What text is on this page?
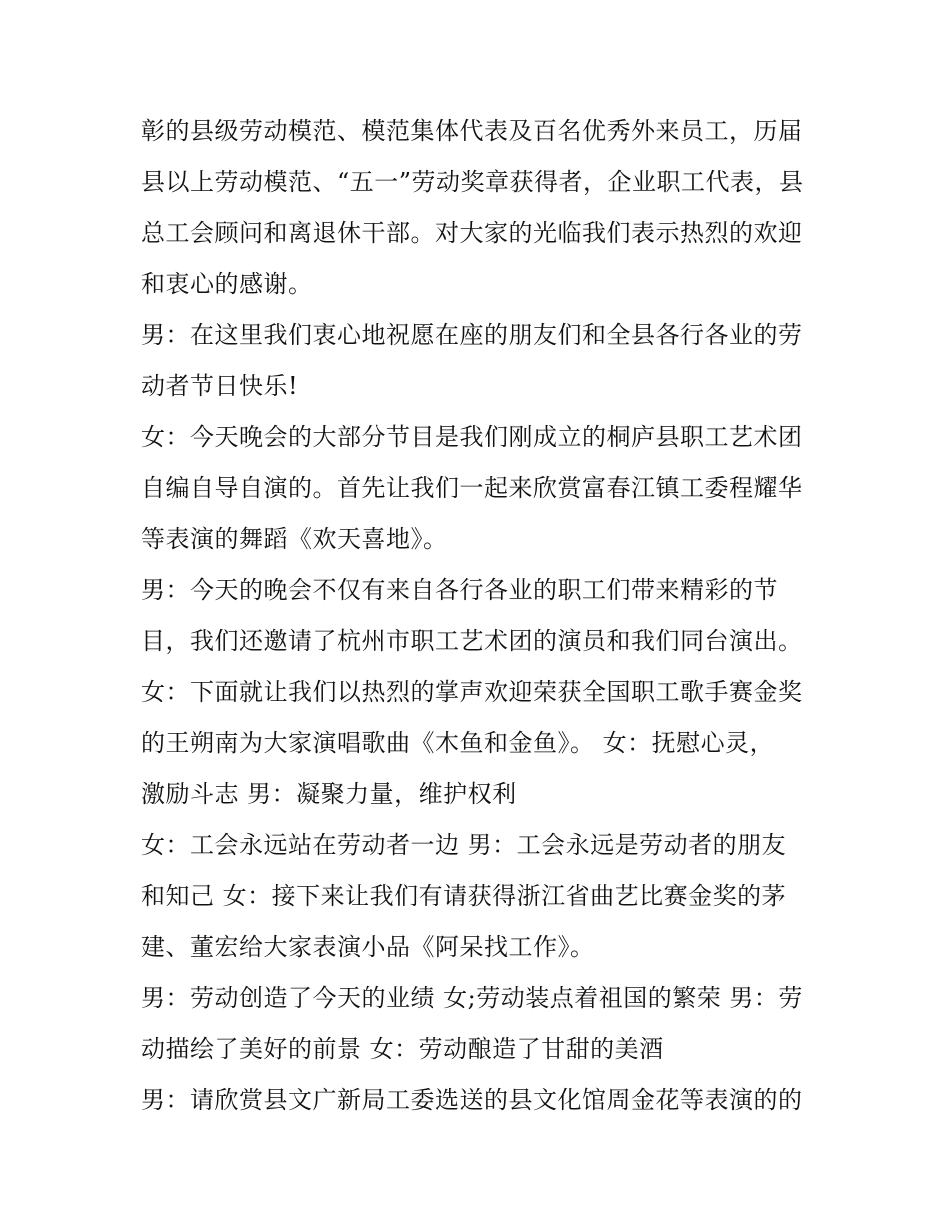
彰的县级劳动模范、模范集体代表及百名优秀外来员工，历届
县以上劳动模范、“五一”劳动奖章获得者，企业职工代表，县
总工会顾问和离退休干部。对大家的光临我们表示热烈的欢迎
和衷心的感谢。
男：在这里我们衷心地祝愿在座的朋友们和全县各行各业的劳
动者节日快乐!
女：今天晚会的大部分节目是我们刚成立的桐庐县职工艺术团
自编自导自演的。首先让我们一起来欣赏富春江镇工委程耀华
等表演的舞蹈《欢天喜地》。
男：今天的晚会不仅有来自各行各业的职工们带来精彩的节
目，我们还邀请了杭州市职工艺术团的演员和我们同台演出。
女：下面就让我们以热烈的掌声欢迎荣获全国职工歌手赛金奖
的王朔南为大家演唱歌曲《木鱼和金鱼》。 女：抚慰心灵，
激励斗志 男：凝聚力量，维护权利
女：工会永远站在劳动者一边 男：工会永远是劳动者的朋友
和知己 女：接下来让我们有请获得浙江省曲艺比赛金奖的茅
建、董宏给大家表演小品《阿呆找工作》。
男：劳动创造了今天的业绩 女;劳动装点着祖国的繁荣 男：劳
动描绘了美好的前景 女：劳动酿造了甘甜的美酒
男：请欣赏县文广新局工委选送的县文化馆周金花等表演的的
